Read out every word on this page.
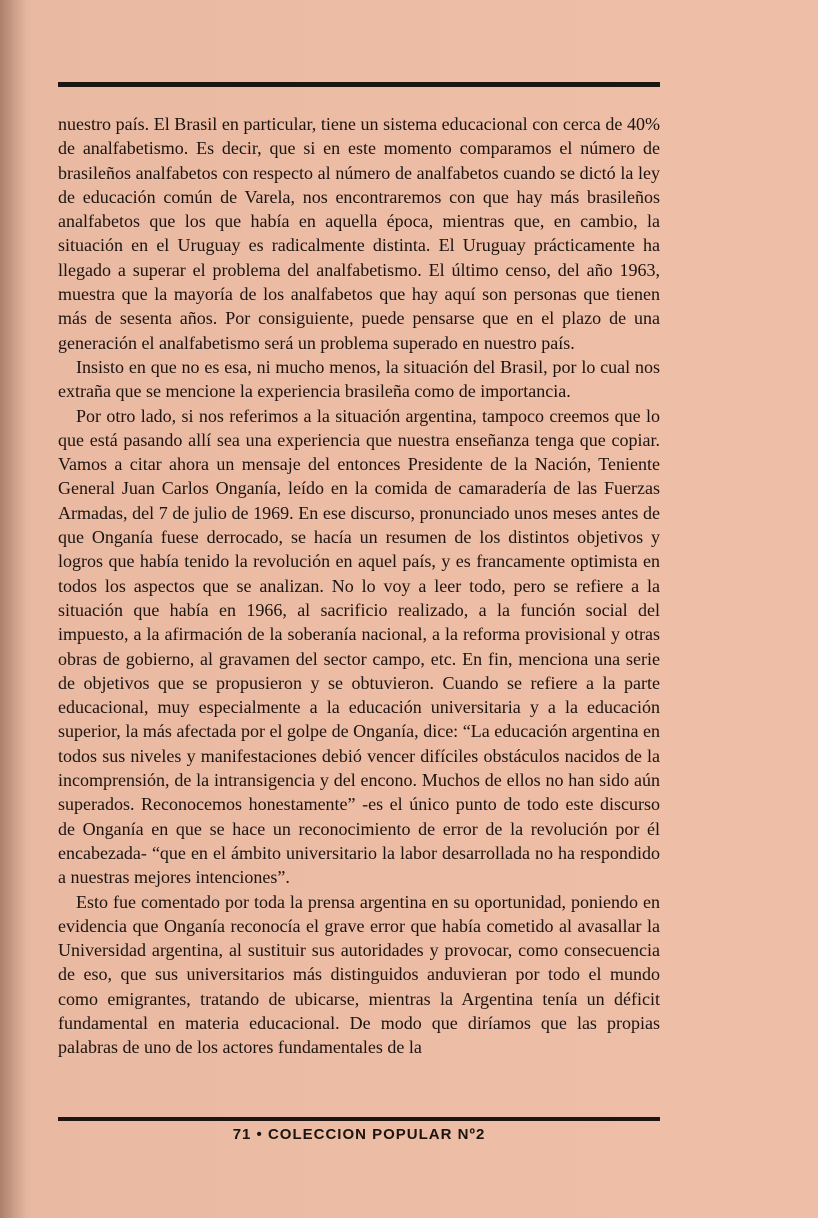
nuestro país. El Brasil en particular, tiene un sistema educacional con cerca de 40% de analfabetismo. Es decir, que si en este momento comparamos el número de brasileños analfabetos con respecto al número de analfabetos cuando se dictó la ley de educación común de Varela, nos encontraremos con que hay más brasileños analfabetos que los que había en aquella época, mientras que, en cambio, la situación en el Uruguay es radicalmente distinta. El Uruguay prácticamente ha llegado a superar el problema del analfabetismo. El último censo, del año 1963, muestra que la mayoría de los analfabetos que hay aquí son personas que tienen más de sesenta años. Por consiguiente, puede pensarse que en el plazo de una generación el analfabetismo será un problema superado en nuestro país.

Insisto en que no es esa, ni mucho menos, la situación del Brasil, por lo cual nos extraña que se mencione la experiencia brasileña como de importancia.

Por otro lado, si nos referimos a la situación argentina, tampoco creemos que lo que está pasando allí sea una experiencia que nuestra enseñanza tenga que copiar. Vamos a citar ahora un mensaje del entonces Presidente de la Nación, Teniente General Juan Carlos Onganía, leído en la comida de camaradería de las Fuerzas Armadas, del 7 de julio de 1969. En ese discurso, pronunciado unos meses antes de que Onganía fuese derrocado, se hacía un resumen de los distintos objetivos y logros que había tenido la revolución en aquel país, y es francamente optimista en todos los aspectos que se analizan. No lo voy a leer todo, pero se refiere a la situación que había en 1966, al sacrificio realizado, a la función social del impuesto, a la afirmación de la soberanía nacional, a la reforma provisional y otras obras de gobierno, al gravamen del sector campo, etc. En fin, menciona una serie de objetivos que se propusieron y se obtuvieron. Cuando se refiere a la parte educacional, muy especialmente a la educación universitaria y a la educación superior, la más afectada por el golpe de Onganía, dice: “La educación argentina en todos sus niveles y manifestaciones debió vencer difíciles obstáculos nacidos de la incomprensión, de la intransigencia y del encono. Muchos de ellos no han sido aún superados. Reconocemos honestamente” -es el único punto de todo este discurso de Onganía en que se hace un reconocimiento de error de la revolución por él encabezada- “que en el ámbito universitario la labor desarrollada no ha respondido a nuestras mejores intenciones”.

Esto fue comentado por toda la prensa argentina en su oportunidad, poniendo en evidencia que Onganía reconocía el grave error que había cometido al avasallar la Universidad argentina, al sustituir sus autoridades y provocar, como consecuencia de eso, que sus universitarios más distinguidos anduvieran por todo el mundo como emigrantes, tratando de ubicarse, mientras la Argentina tenía un déficit fundamental en materia educacional. De modo que diríamos que las propias palabras de uno de los actores fundamentales de la

71 • COLECCION POPULAR Nº2
